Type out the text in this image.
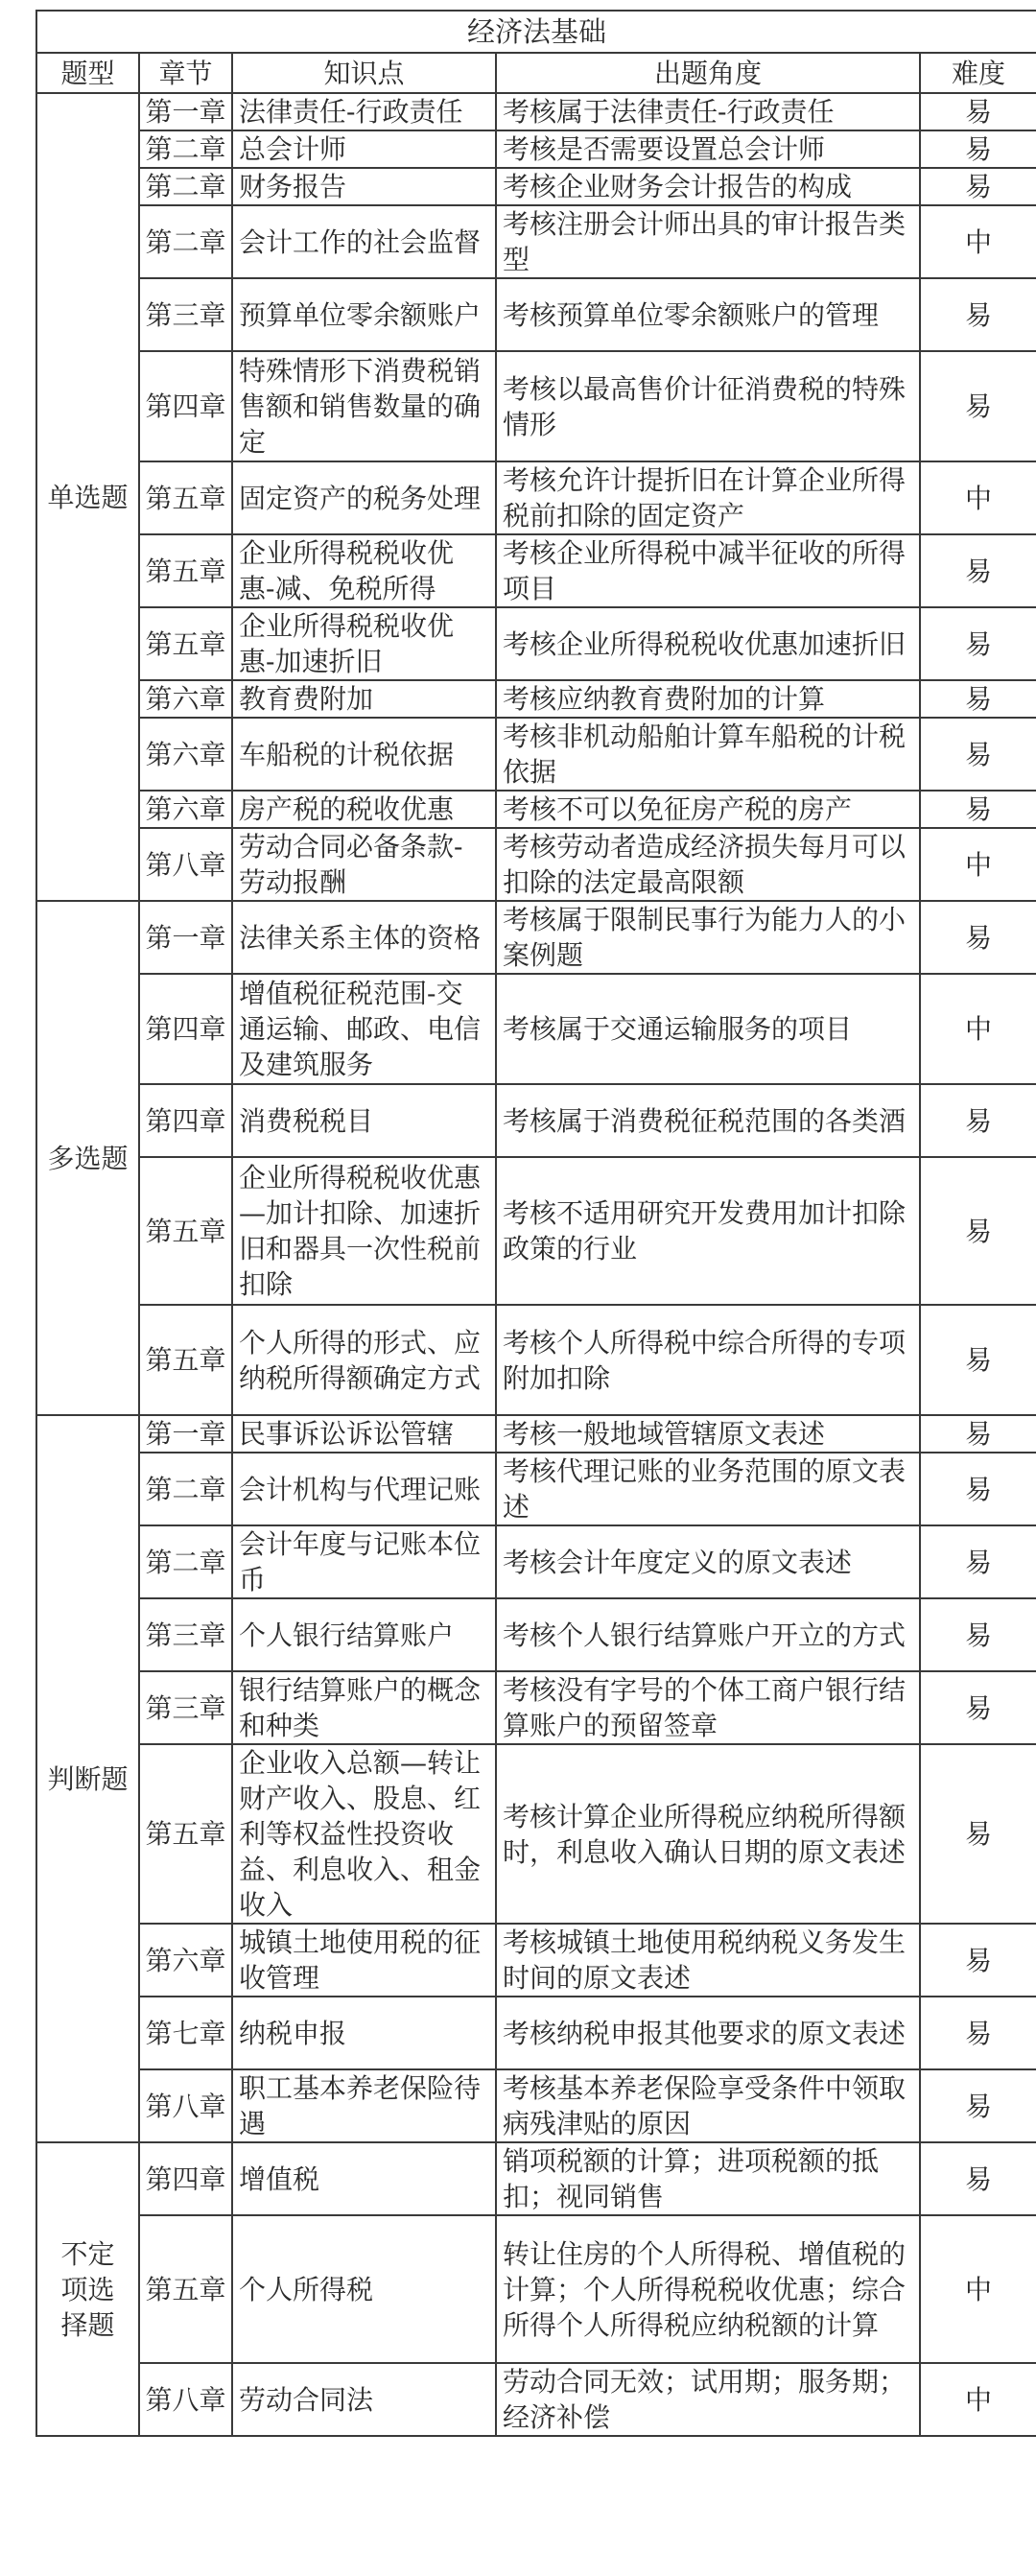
经济法基础				
题型	章节	知识点	出题角度	难度
单选题	第一章	法律责任-行政责任	考核属于法律责任-行政责任	易
	第二章	总会计师	考核是否需要设置总会计师	易
	第二章	财务报告	考核企业财务会计报告的构成	易
	第二章	会计工作的社会监督	考核注册会计师出具的审计报告类型	中
	第三章	预算单位零余额账户	考核预算单位零余额账户的管理	易
	第四章	特殊情形下消费税销售额和销售数量的确定	考核以最高售价计征消费税的特殊情形	易
	第五章	固定资产的税务处理	考核允许计提折旧在计算企业所得税前扣除的固定资产	中
	第五章	企业所得税税收优惠-减、免税所得	考核企业所得税中减半征收的所得项目	易
	第五章	企业所得税税收优惠-加速折旧	考核企业所得税税收优惠加速折旧	易
	第六章	教育费附加	考核应纳教育费附加的计算	易
	第六章	车船税的计税依据	考核非机动船舶计算车船税的计税依据	易
	第六章	房产税的税收优惠	考核不可以免征房产税的房产	易
	第八章	劳动合同必备条款-劳动报酬	考核劳动者造成经济损失每月可以扣除的法定最高限额	中
多选题	第一章	法律关系主体的资格	考核属于限制民事行为能力人的小案例题	易
	第四章	增值税征税范围-交通运输、邮政、电信及建筑服务	考核属于交通运输服务的项目	中
	第四章	消费税税目	考核属于消费税征税范围的各类酒	易
	第五章	企业所得税税收优惠—加计扣除、加速折旧和器具一次性税前扣除	考核不适用研究开发费用加计扣除政策的行业	易
	第五章	个人所得的形式、应纳税所得额确定方式	考核个人所得税中综合所得的专项附加扣除	易
判断题	第一章	民事诉讼诉讼管辖	考核一般地域管辖原文表述	易
	第二章	会计机构与代理记账	考核代理记账的业务范围的原文表述	易
	第二章	会计年度与记账本位币	考核会计年度定义的原文表述	易
	第三章	个人银行结算账户	考核个人银行结算账户开立的方式	易
	第三章	银行结算账户的概念和种类	考核没有字号的个体工商户银行结算账户的预留签章	易
	第五章	企业收入总额—转让财产收入、股息、红利等权益性投资收益、利息收入、租金收入	考核计算企业所得税应纳税所得额时，利息收入确认日期的原文表述	易
	第六章	城镇土地使用税的征收管理	考核城镇土地使用税纳税义务发生时间的原文表述	易
	第七章	纳税申报	考核纳税申报其他要求的原文表述	易
	第八章	职工基本养老保险待遇	考核基本养老保险享受条件中领取病残津贴的原因	易
不定项选择题	第四章	增值税	销项税额的计算；进项税额的抵扣；视同销售	易
	第五章	个人所得税	转让住房的个人所得税、增值税的计算；个人所得税税收优惠；综合所得个人所得税应纳税额的计算	中
	第八章	劳动合同法	劳动合同无效；试用期；服务期；经济补偿	中
